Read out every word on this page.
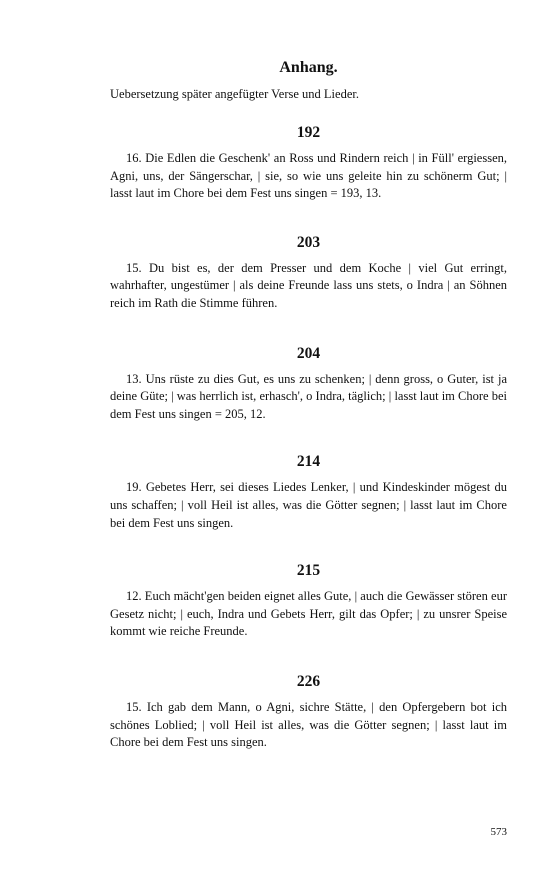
Anhang.

Uebersetzung später angefügter Verse und Lieder.

192

16. Die Edlen die Geschenk' an Ross und Rindern reich | in Füll' ergiessen, Agni, uns, der Sängerschar, | sie, so wie uns geleite hin zu schönerm Gut; | lasst laut im Chore bei dem Fest uns singen = 193, 13.

203

15. Du bist es, der dem Presser und dem Koche | viel Gut erringt, wahrhafter, ungestümer | als deine Freunde lass uns stets, o Indra | an Söhnen reich im Rath die Stimme führen.

204

13. Uns rüste zu dies Gut, es uns zu schenken; | denn gross, o Guter, ist ja deine Güte; | was herrlich ist, erhasch', o Indra, täglich; | lasst laut im Chore bei dem Fest uns singen = 205, 12.

214

19. Gebetes Herr, sei dieses Liedes Lenker, | und Kindeskinder mögest du uns schaffen; | voll Heil ist alles, was die Götter segnen; | lasst laut im Chore bei dem Fest uns singen.

215

12. Euch mächt'gen beiden eignet alles Gute, | auch die Gewässer stören eur Gesetz nicht; | euch, Indra und Gebets Herr, gilt das Opfer; | zu unsrer Speise kommt wie reiche Freunde.

226

15. Ich gab dem Mann, o Agni, sichre Stätte, | den Opfergebern bot ich schönes Loblied; | voll Heil ist alles, was die Götter segnen; | lasst laut im Chore bei dem Fest uns singen.

573
